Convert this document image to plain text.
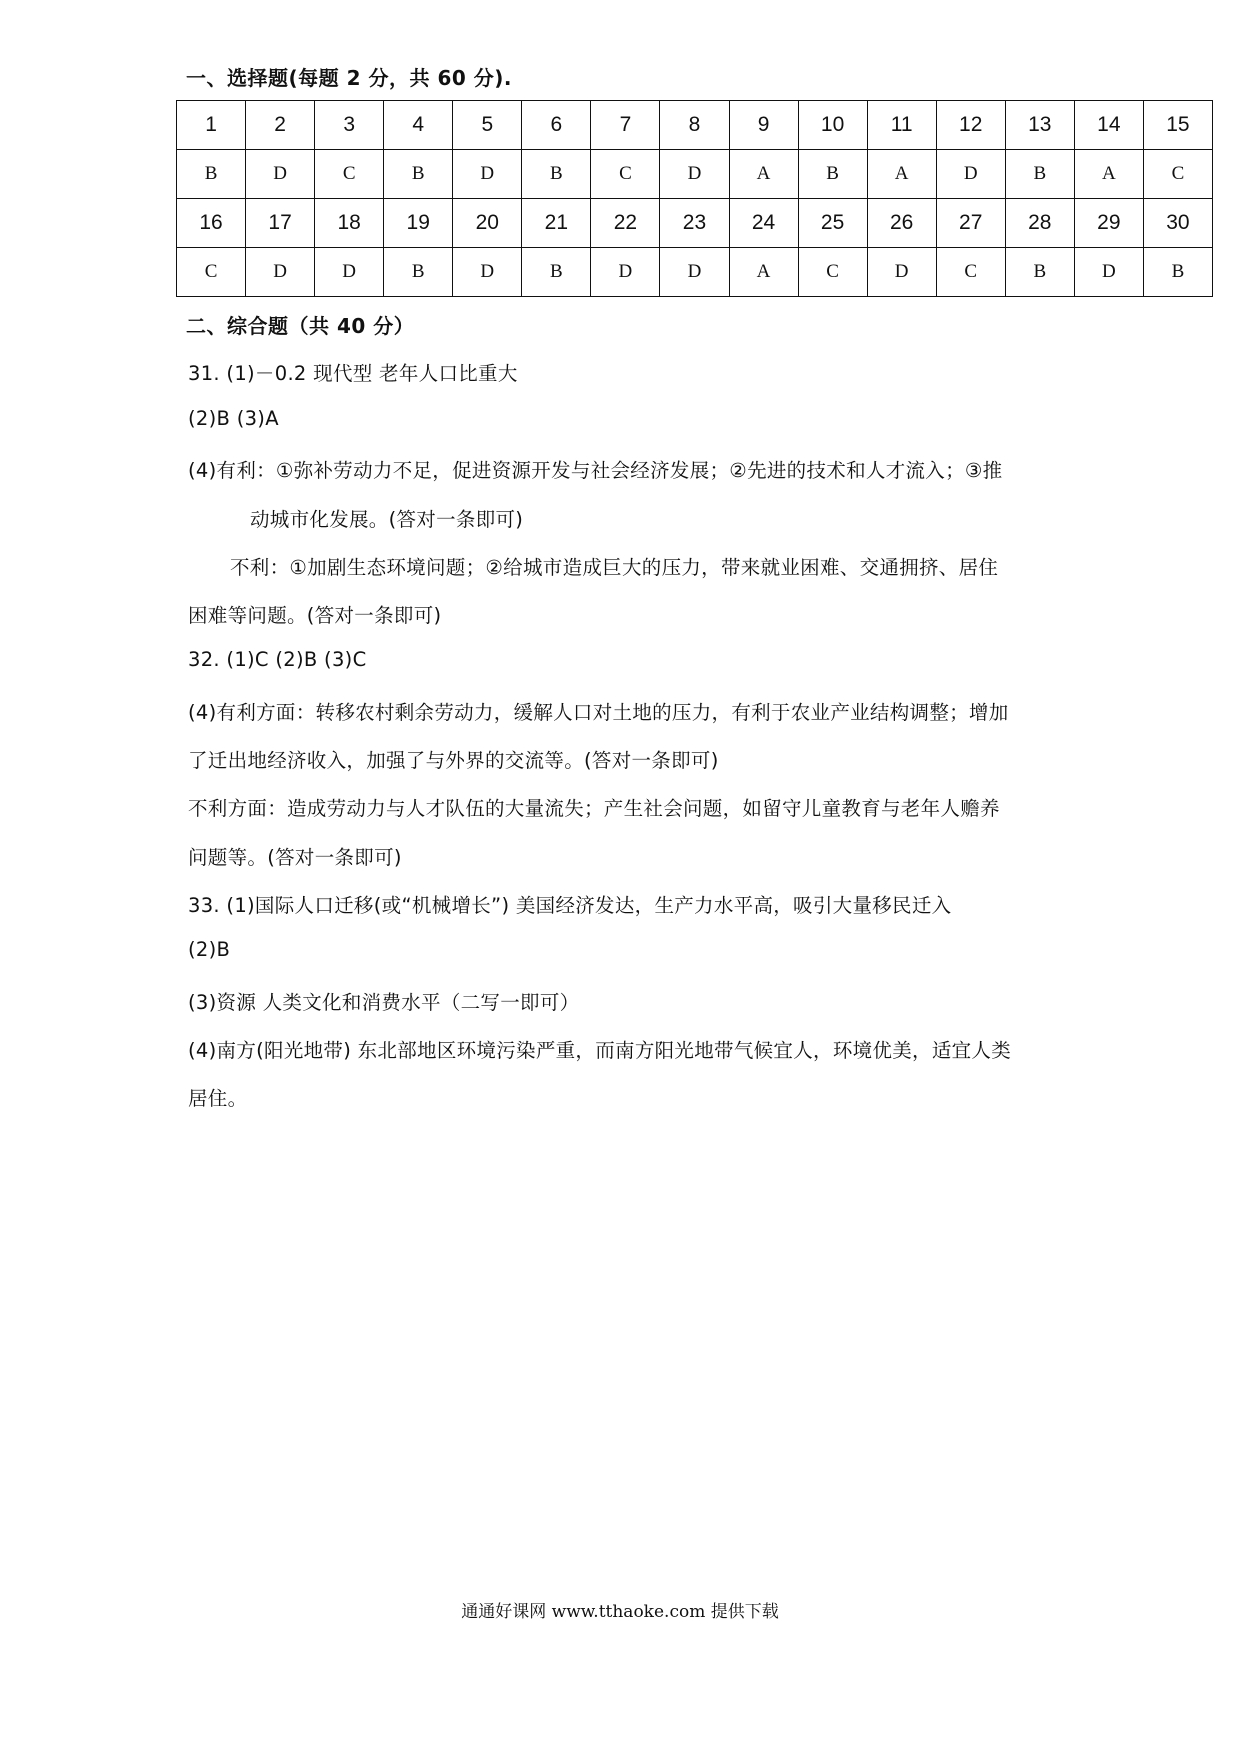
一、选择题(每题 2 分，共 60 分).
1	2	3	4	5	6	7	8	9	10	11	12	13	14	15
B	D	C	B	D	B	C	D	A	B	A	D	B	A	C
16	17	18	19	20	21	22	23	24	25	26	27	28	29	30
C	D	D	B	D	B	D	D	A	C	D	C	B	D	B
二、综合题（共 40 分）
31. (1)－0.2 现代型 老年人口比重大
(2)B (3)A
(4)有利：①弥补劳动力不足，促进资源开发与社会经济发展；②先进的技术和人才流入；③推
动城市化发展。(答对一条即可)
不利：①加剧生态环境问题；②给城市造成巨大的压力，带来就业困难、交通拥挤、居住
困难等问题。(答对一条即可)
32. (1)C (2)B (3)C
(4)有利方面：转移农村剩余劳动力，缓解人口对土地的压力，有利于农业产业结构调整；增加
了迁出地经济收入，加强了与外界的交流等。(答对一条即可)
不利方面：造成劳动力与人才队伍的大量流失；产生社会问题，如留守儿童教育与老年人赡养
问题等。(答对一条即可)
33. (1)国际人口迁移(或“机械增长”) 美国经济发达，生产力水平高，吸引大量移民迁入
(2)B
(3)资源 人类文化和消费水平（二写一即可）
(4)南方(阳光地带) 东北部地区环境污染严重，而南方阳光地带气候宜人，环境优美，适宜人类
居住。
通通好课网 www.tthaoke.com 提供下载
